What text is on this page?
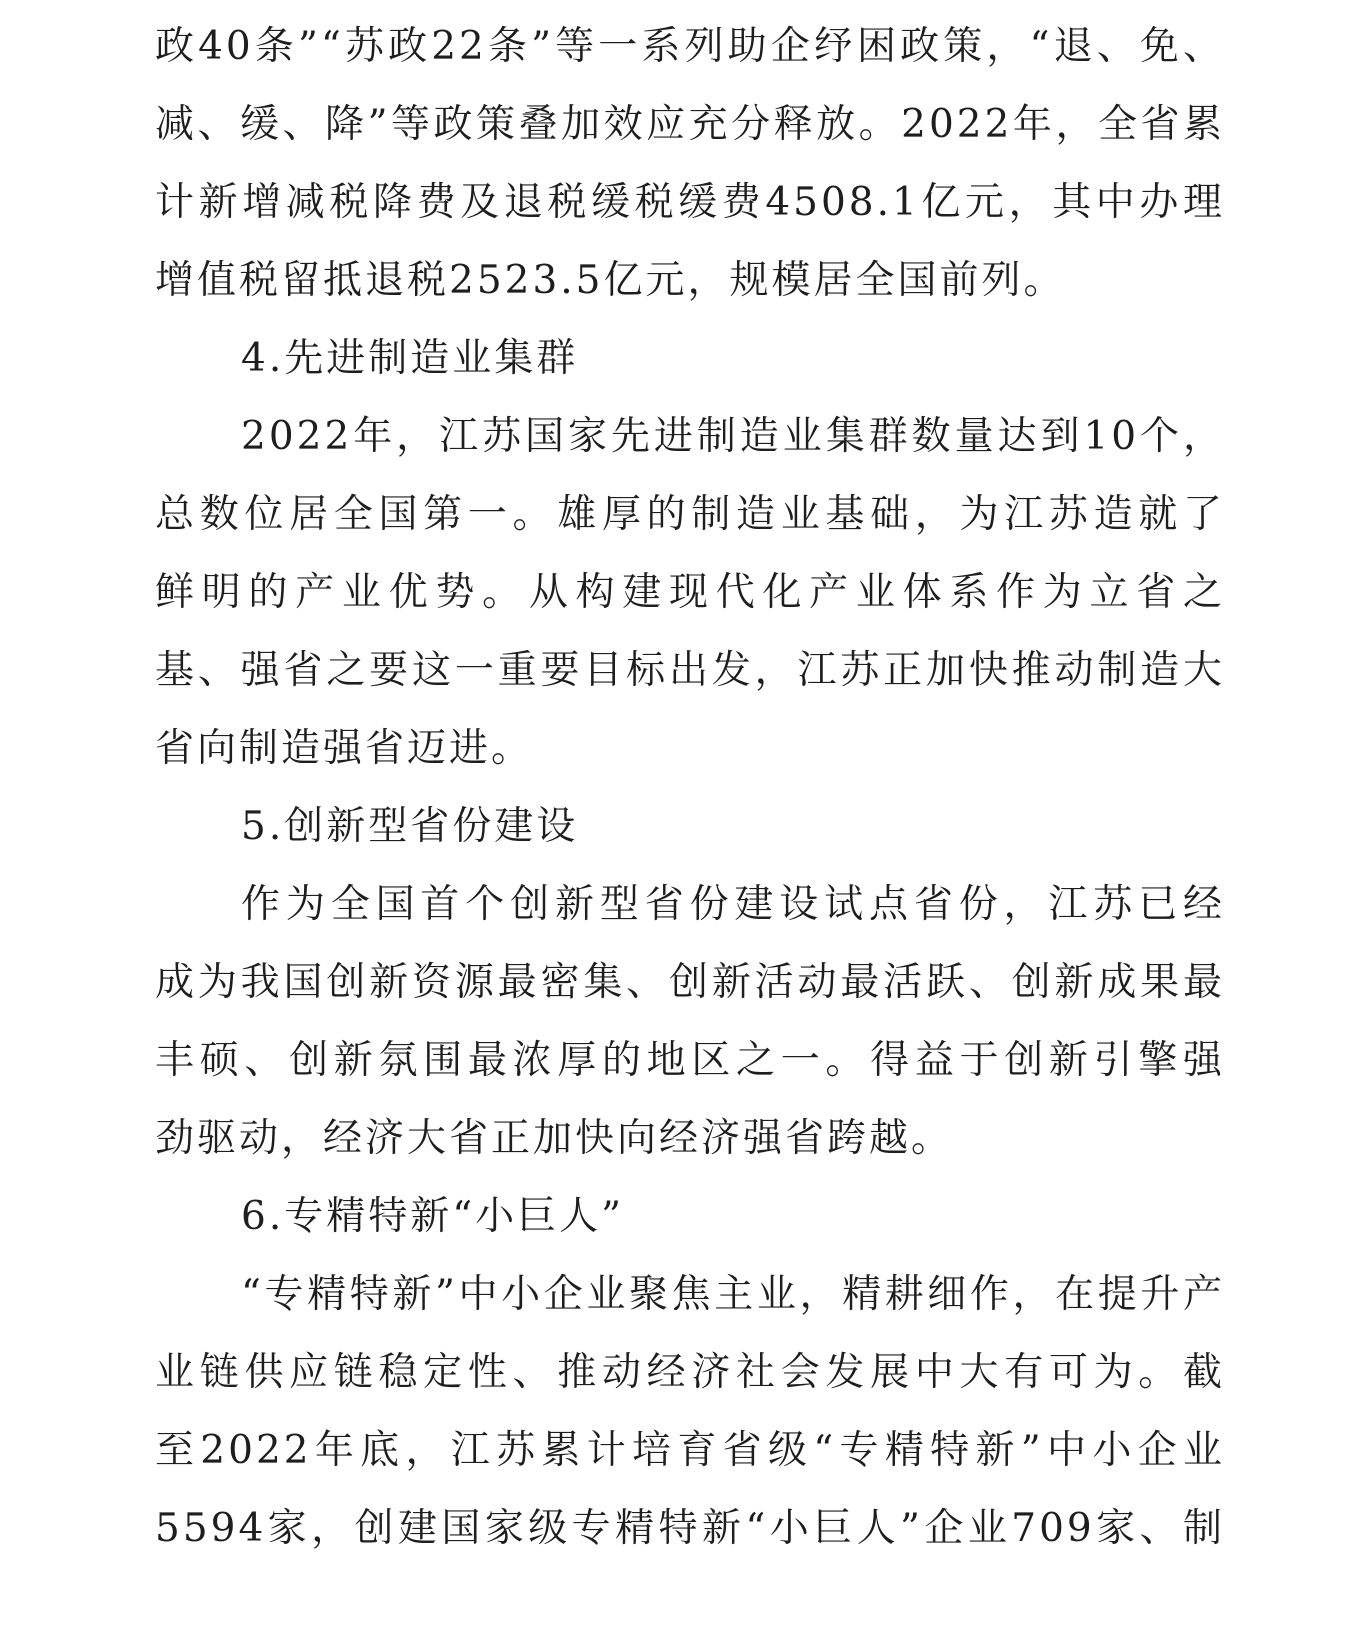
政40条”“苏政22条”等一系列助企纾困政策，“退、免、
减、缓、降”等政策叠加效应充分释放。2022年，全省累
计新增减税降费及退税缓税缓费4508.1亿元，其中办理
增值税留抵退税2523.5亿元，规模居全国前列。
4.先进制造业集群
2022年，江苏国家先进制造业集群数量达到10个，
总数位居全国第一。雄厚的制造业基础，为江苏造就了
鲜明的产业优势。从构建现代化产业体系作为立省之
基、强省之要这一重要目标出发，江苏正加快推动制造大
省向制造强省迈进。
5.创新型省份建设
作为全国首个创新型省份建设试点省份，江苏已经
成为我国创新资源最密集、创新活动最活跃、创新成果最
丰硕、创新氛围最浓厚的地区之一。得益于创新引擎强
劲驱动，经济大省正加快向经济强省跨越。
6.专精特新“小巨人”
“专精特新”中小企业聚焦主业，精耕细作，在提升产
业链供应链稳定性、推动经济社会发展中大有可为。截
至2022年底，江苏累计培育省级“专精特新”中小企业
5594家，创建国家级专精特新“小巨人”企业709家、制
